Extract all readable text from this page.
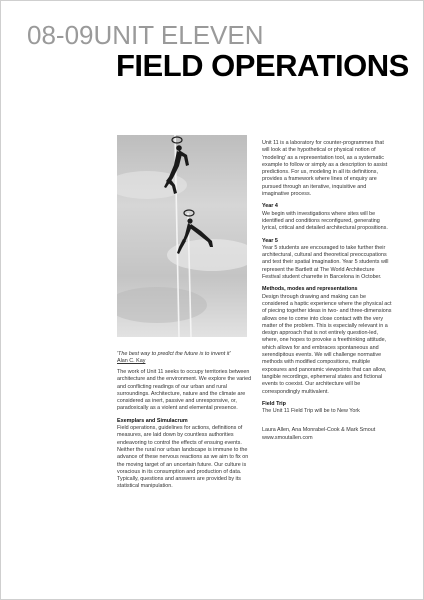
08-09UNIT ELEVEN
FIELD OPERATIONS
'The best way to predict the future is to invent it'
Alan C. Kay

The work of Unit 11 seeks to occupy territories between architecture and the environment. We explore the varied and conflicting readings of our urban and rural surroundings. Architecture, nature and the climate are considered as inert, passive and unresponsive, or, paradoxically as a violent and elemental presence.

Exemplars and Simulacrum

Field operations, guidelines for actions, definitions of measures, are laid down by countless authorities endeavoring to control the effects of ensuing events. Neither the rural nor urban landscape is immune to the advance of these nervous reactions as we aim to fix on the moving target of an uncertain future. Our culture is voracious in its consumption and production of data. Typically, questions and answers are provided by its statistical manipulation.

Unit 11 is a laboratory for counter-programmes that will look at the hypothetical or physical notion of 'modeling' as a representation tool, as a systematic example to follow or simply as a description to assist predictions. For us, modeling in all its definitions, provides a framework where lines of enquiry are pursued through an iterative, inquisitive and imaginative process.

Year 4

We begin with investigations where sites will be identified and conditions reconfigured, generating lyrical, critical and detailed architectural propositions.

Year 5

Year 5 students are encouraged to take further their architectural, cultural and theoretical preoccupations and test their spatial imagination. Year 5 students will represent the Bartlett at The World Architecture Festival student charrette in Barcelona in October.

Methods, modes and representations

Design through drawing and making can be considered a haptic experience where the physical act of piecing together ideas in two- and three-dimensions allows one to come into close contact with the very matter of the problem. This is especially relevant in a design approach that is not entirely question-led, where, one hopes to provoke a freethinking attitude, which allows for and embraces spontaneous and serendipitous events. We will challenge normative methods with modified compositions, multiple exposures and panoramic viewpoints that can allow, tangible recordings, ephemeral states and fictional events to coexist. Our architecture will be correspondingly multivalent.

Field Trip

The Unit 11 Field Trip will be to New York

Laura Allen, Ana Monrabel-Cook & Mark Smout
www.smoutallen.com
